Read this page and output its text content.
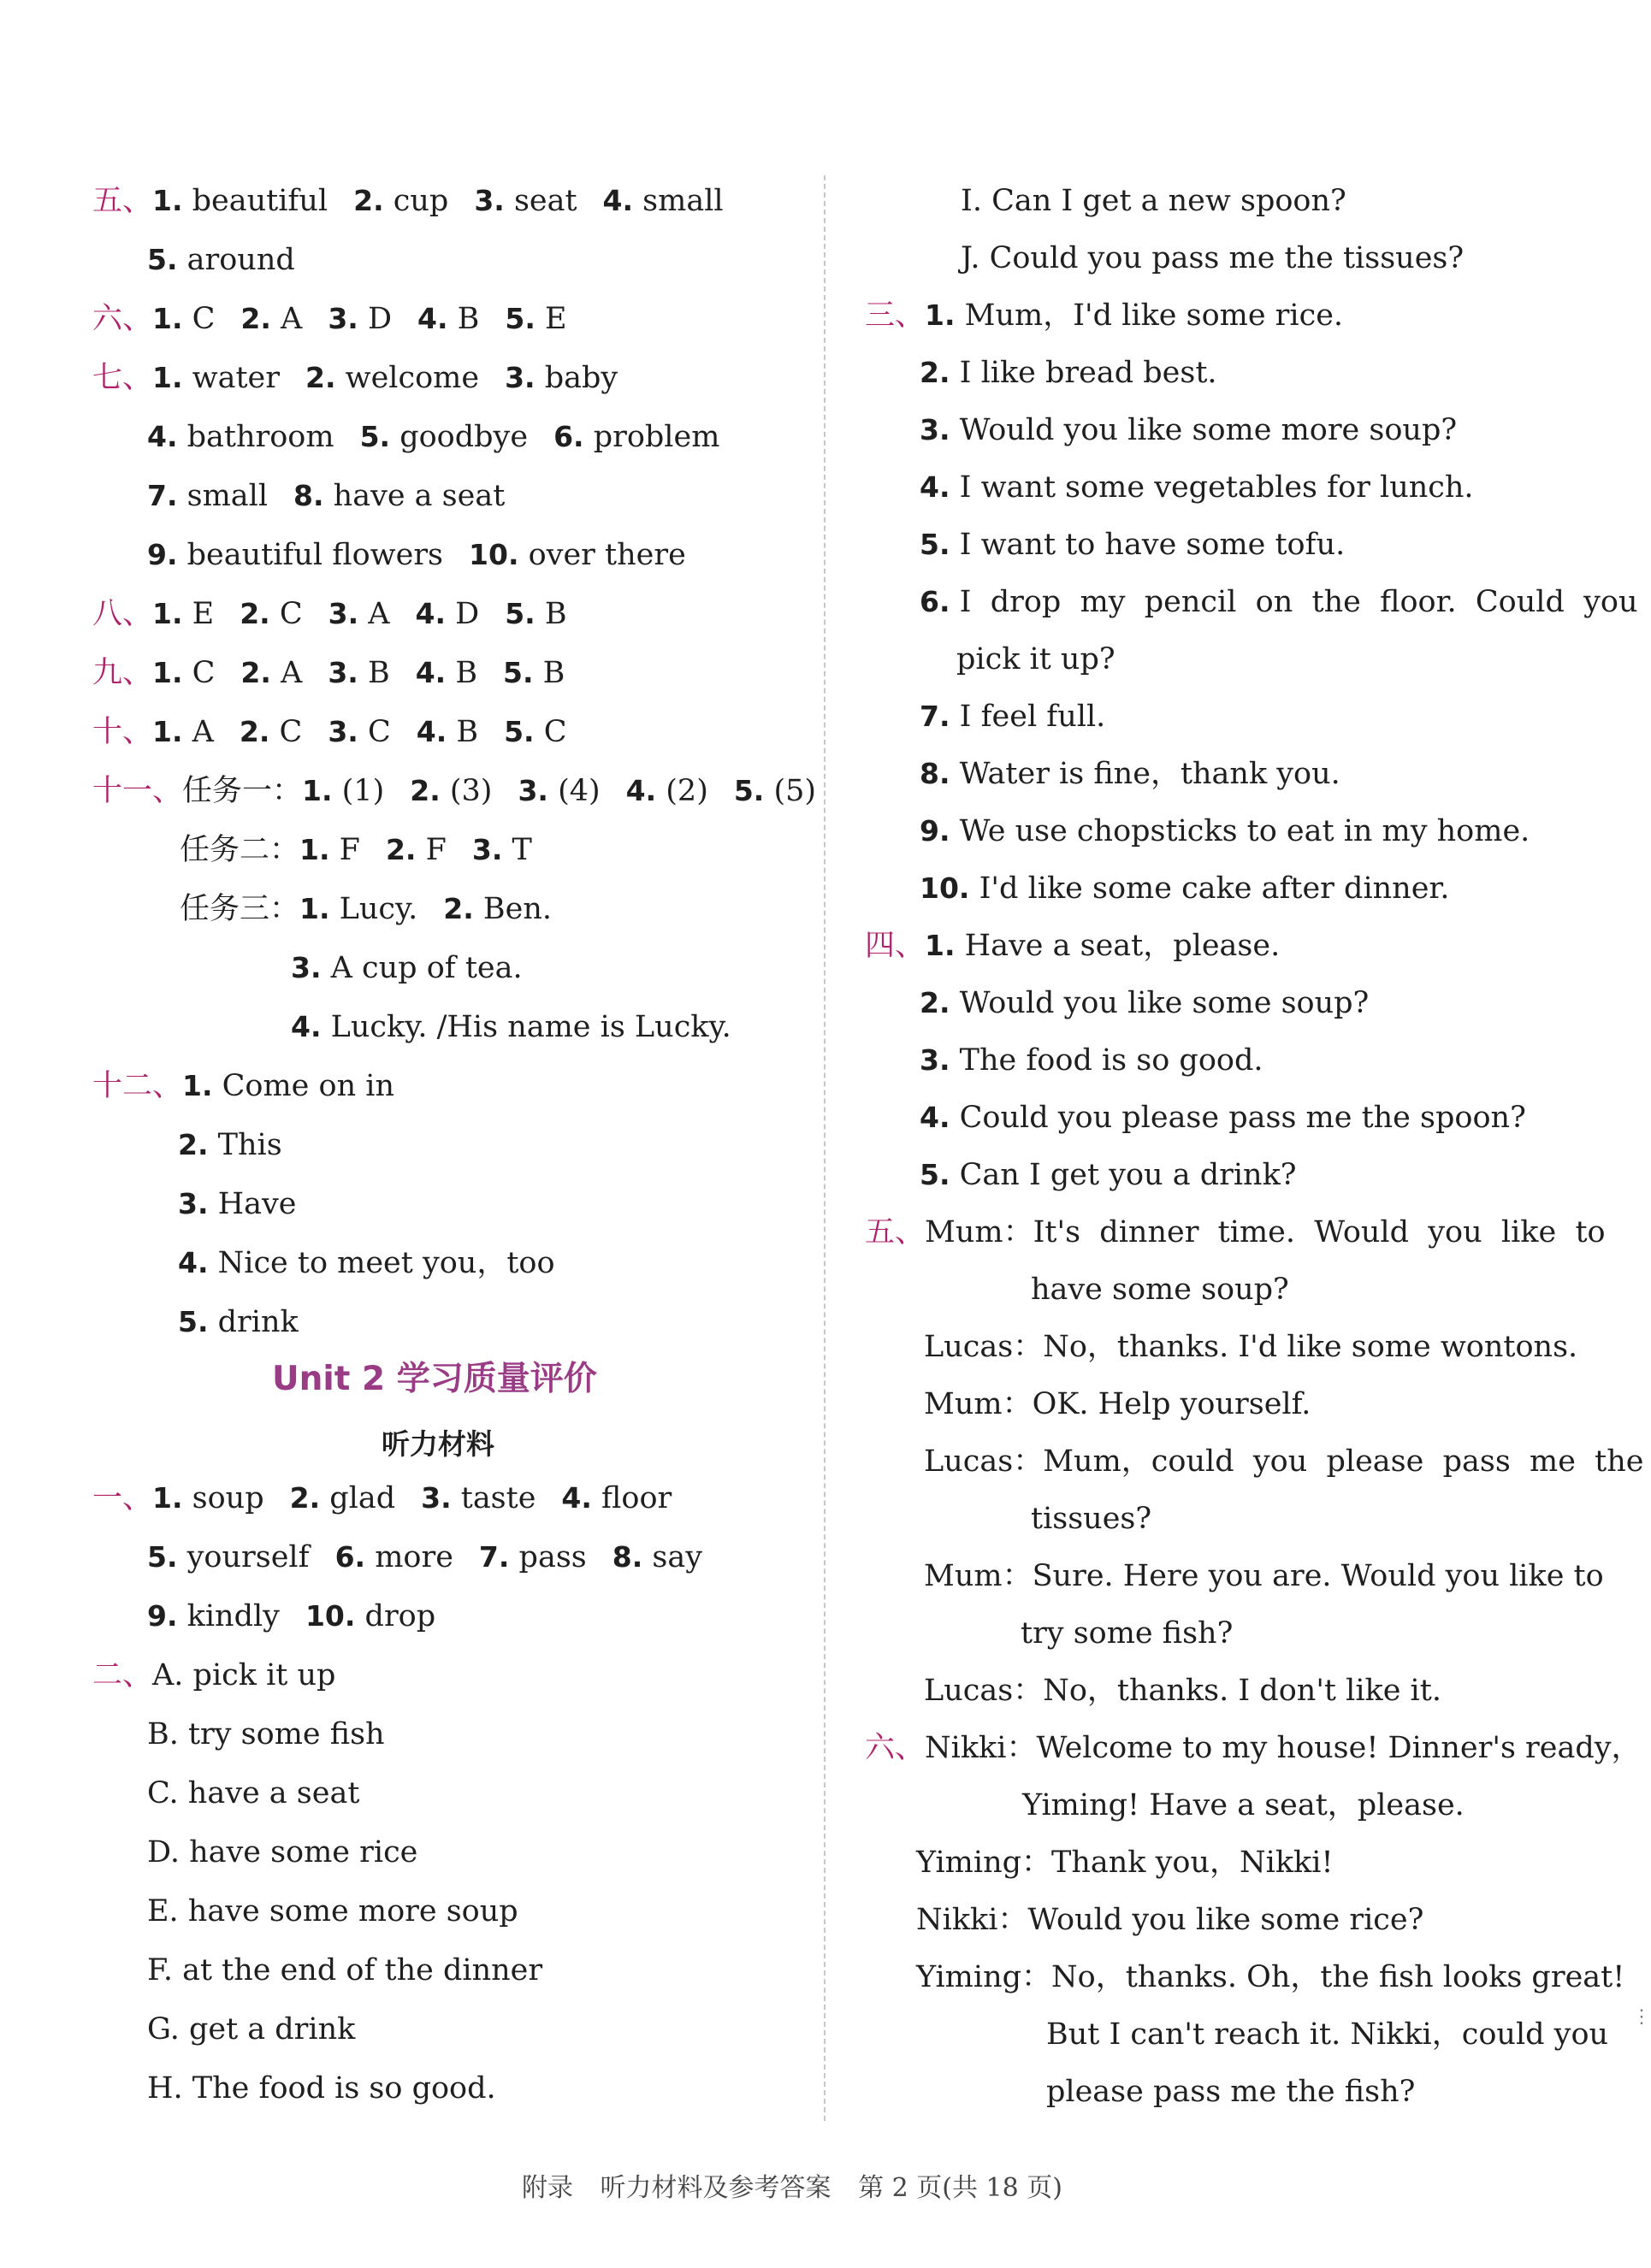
五、1. beautiful 2. cup 3. seat 4. small
5. around
六、1. C 2. A 3. D 4. B 5. E
七、1. water 2. welcome 3. baby
4. bathroom 5. goodbye 6. problem
7. small 8. have a seat
9. beautiful flowers 10. over there
八、1. E 2. C 3. A 4. D 5. B
九、1. C 2. A 3. B 4. B 5. B
十、1. A 2. C 3. C 4. B 5. C
十一、任务一：1. (1) 2. (3) 3. (4) 4. (2) 5. (5)
任务二：1. F 2. F 3. T
任务三：1. Lucy. 2. Ben.
3. A cup of tea.
4. Lucky. /His name is Lucky.
十二、1. Come on in
2. This
3. Have
4. Nice to meet you，too
5. drink
一、1. soup 2. glad 3. taste 4. floor
5. yourself 6. more 7. pass 8. say
9. kindly 10. drop
二、A. pick it up
B. try some fish
C. have a seat
D. have some rice
E. have some more soup
F. at the end of the dinner
G. get a drink
H. The food is so good.
Unit 2 学习质量评价
听力材料
I. Can I get a new spoon?
J. Could you pass me the tissues?
三、1. Mum，I'd like some rice.
2. I like bread best.
3. Would you like some more soup?
4. I want some vegetables for lunch.
5. I want to have some tofu.
6. I  drop  my  pencil  on  the  floor.  Could  you
pick it up?
7. I feel full.
8. Water is fine，thank you.
9. We use chopsticks to eat in my home.
10. I'd like some cake after dinner.
四、1. Have a seat，please.
2. Would you like some soup?
3. The food is so good.
4. Could you please pass me the spoon?
5. Can I get you a drink?
五、Mum：It's  dinner  time.  Would  you  like  to
have some soup?
Lucas：No，thanks. I'd like some wontons.
Mum：OK. Help yourself.
Lucas：Mum，could  you  please  pass  me  the
tissues?
Mum：Sure. Here you are. Would you like to
try some fish?
Lucas：No，thanks. I don't like it.
六、Nikki：Welcome to my house! Dinner's ready，
Yiming! Have a seat，please.
Yiming：Thank you，Nikki!
Nikki：Would you like some rice?
Yiming：No，thanks. Oh，the fish looks great!
But I can't reach it. Nikki，could you
please pass me the fish?
⋮
附录 听力材料及参考答案 第 2 页(共 18 页)
